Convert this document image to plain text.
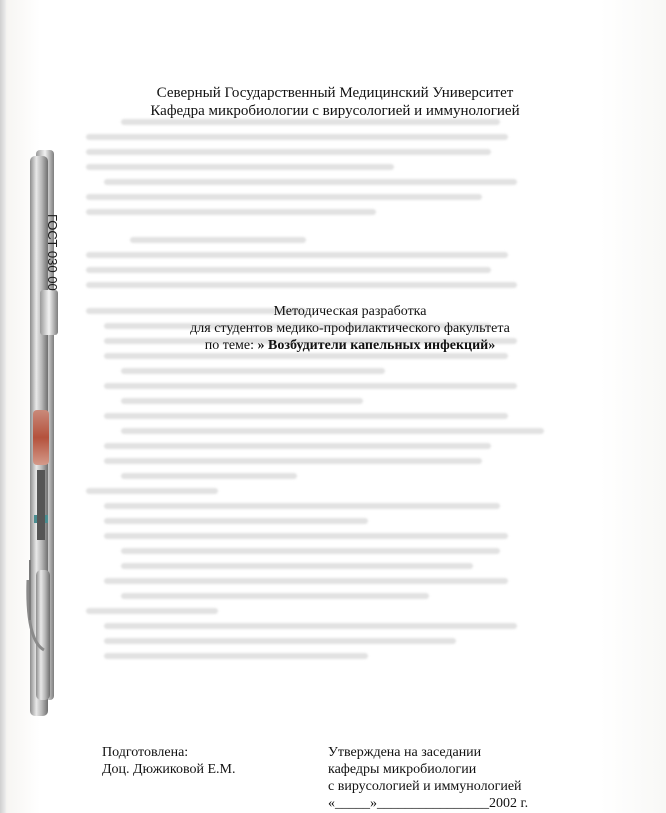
Северный Государственный Медицинский Университет
Кафедра микробиологии с вирусологией и иммунологией
Методическая разработка
для студентов медико-профилактического факультета
по теме: » Возбудители капельных инфекций»
Подготовлена:
Доц. Дюжиковой Е.М.
Утверждена на заседании
кафедры микробиологии
с вирусологией и иммунологией
«_____»________________2002 г.
ГОСТ 030 00
